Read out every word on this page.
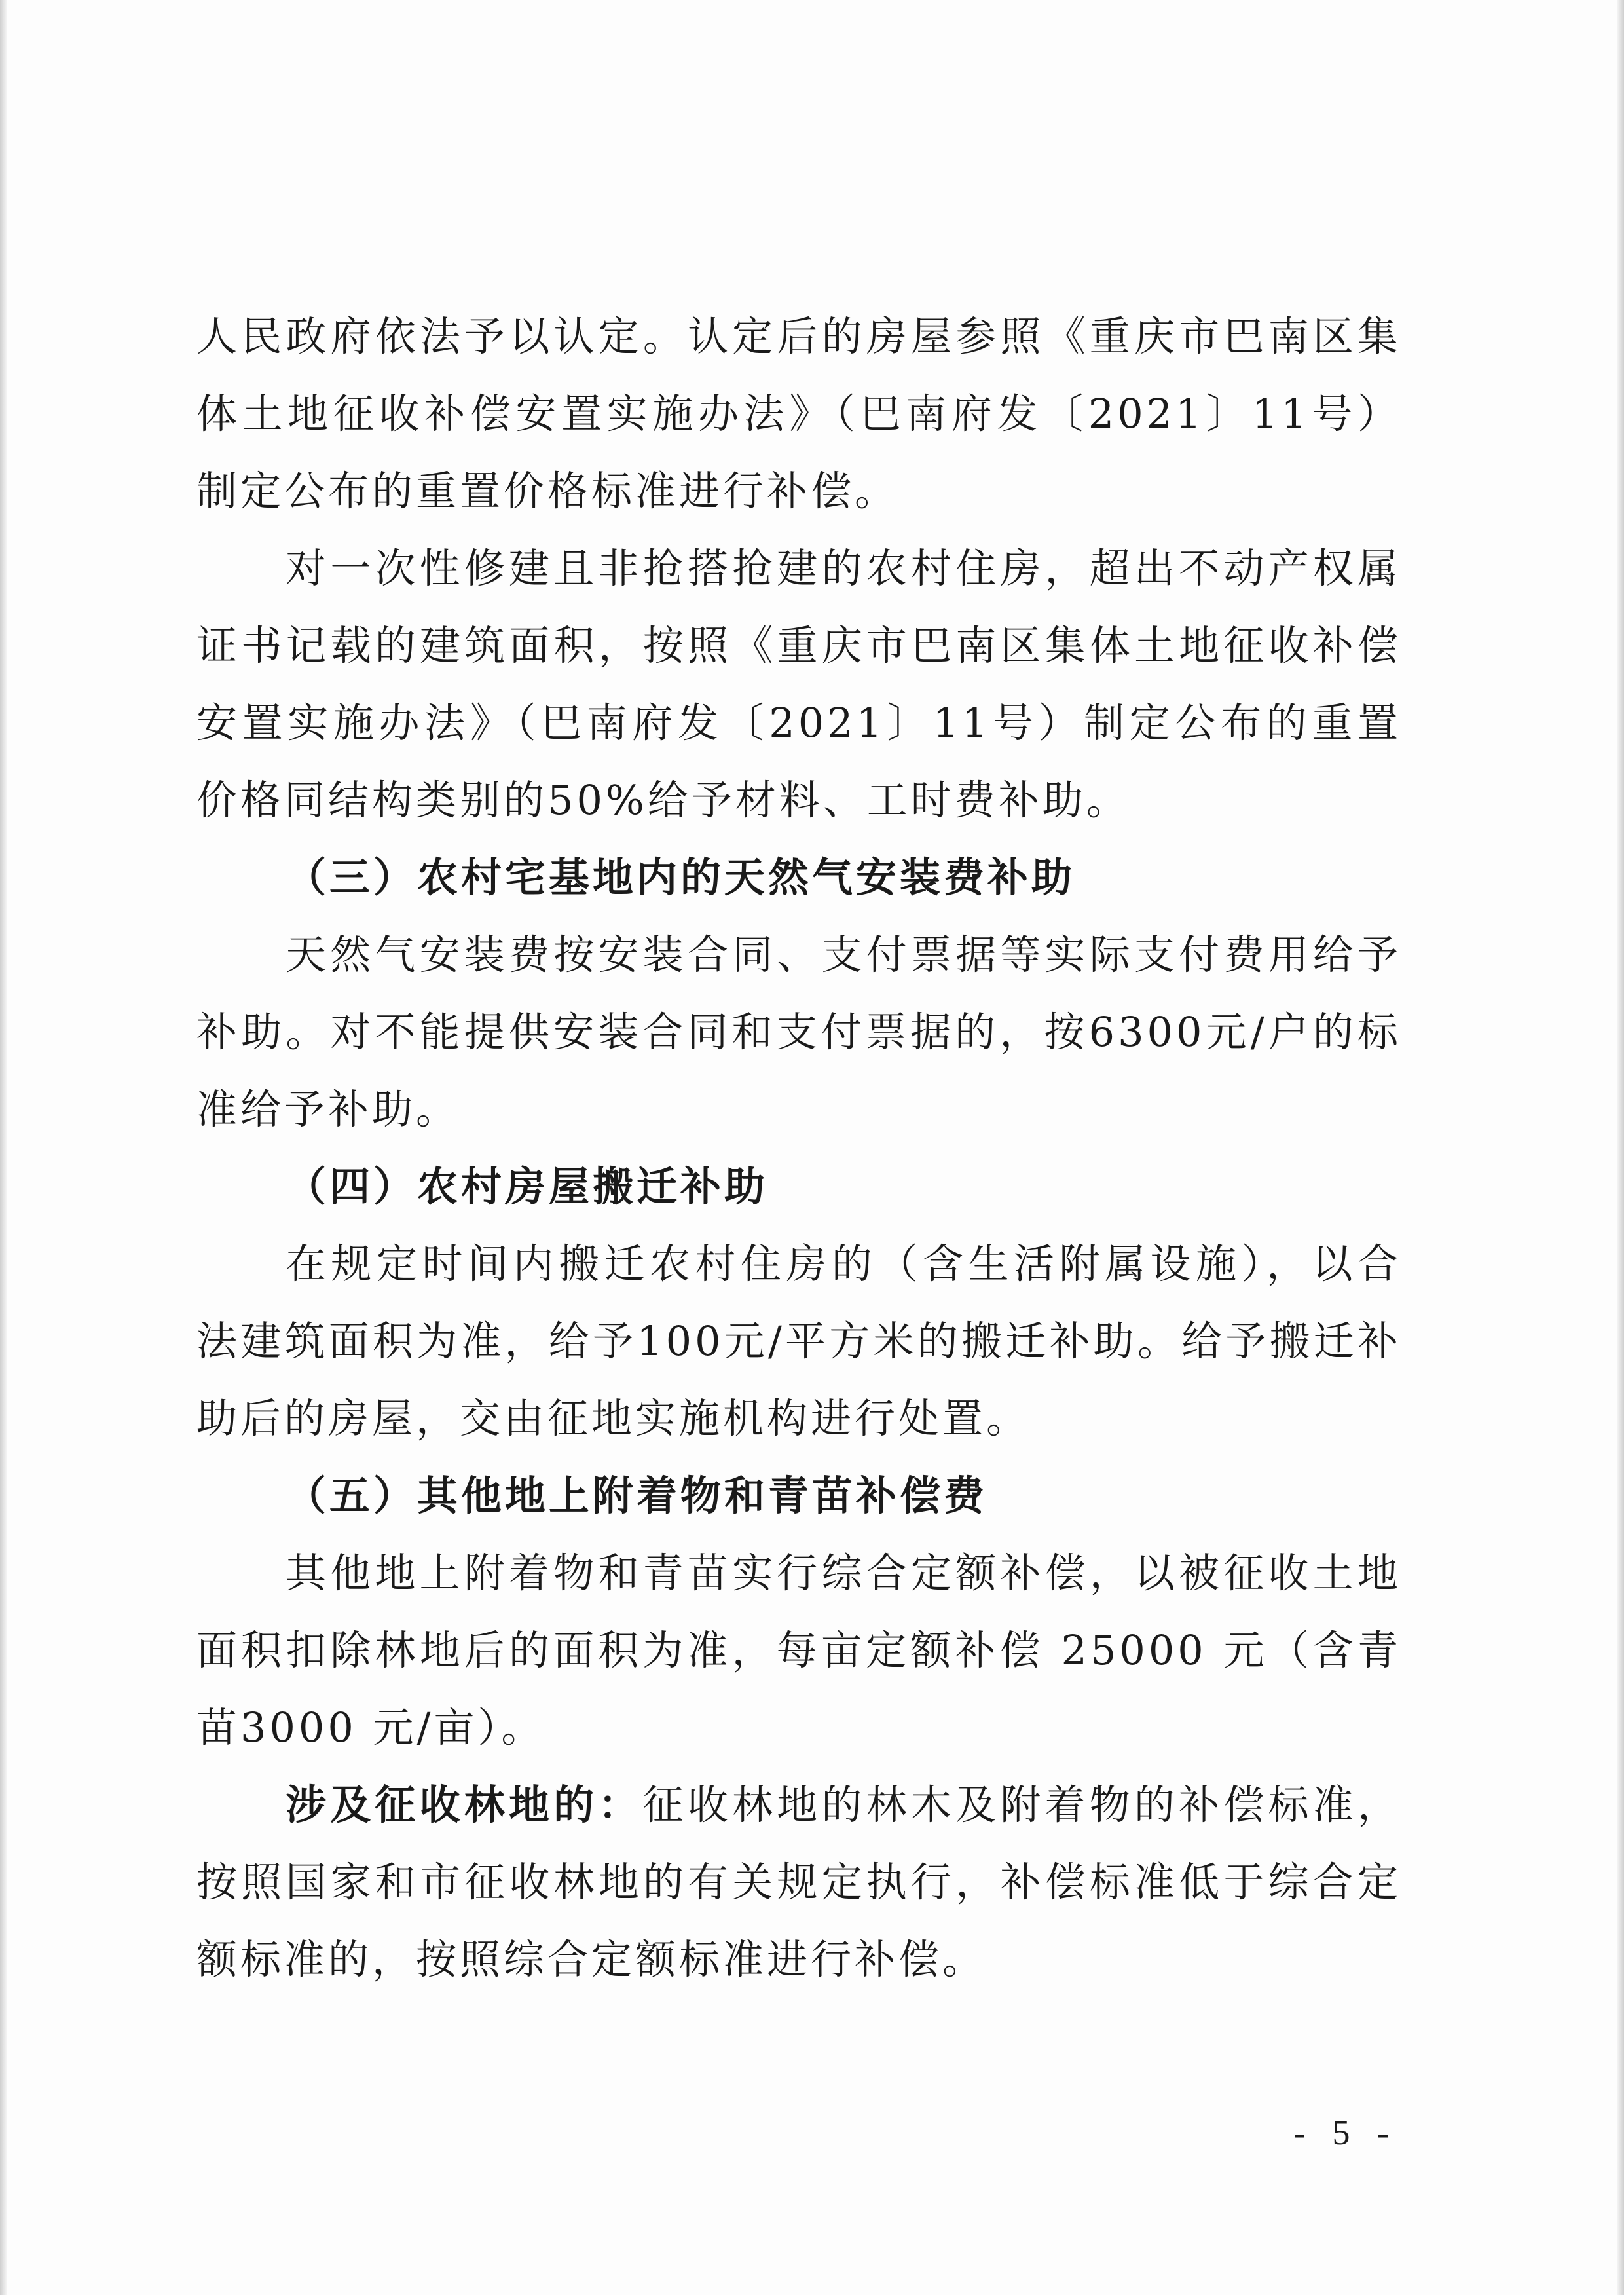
人民政府依法予以认定。认定后的房屋参照《重庆市巴南区集体土地征收补偿安置实施办法》（巴南府发〔2021〕11号）制定公布的重置价格标准进行补偿。

对一次性修建且非抢搭抢建的农村住房，超出不动产权属证书记载的建筑面积，按照《重庆市巴南区集体土地征收补偿安置实施办法》（巴南府发〔2021〕11号）制定公布的重置价格同结构类别的50%给予材料、工时费补助。

（三）农村宅基地内的天然气安装费补助

天然气安装费按安装合同、支付票据等实际支付费用给予补助。对不能提供安装合同和支付票据的，按6300元/户的标准给予补助。

（四）农村房屋搬迁补助

在规定时间内搬迁农村住房的（含生活附属设施），以合法建筑面积为准，给予100元/平方米的搬迁补助。给予搬迁补助后的房屋，交由征地实施机构进行处置。

（五）其他地上附着物和青苗补偿费

其他地上附着物和青苗实行综合定额补偿，以被征收土地面积扣除林地后的面积为准，每亩定额补偿 25000 元（含青苗3000 元/亩）。

涉及征收林地的：征收林地的林木及附着物的补偿标准，按照国家和市征收林地的有关规定执行，补偿标准低于综合定额标准的，按照综合定额标准进行补偿。

- 5 -
